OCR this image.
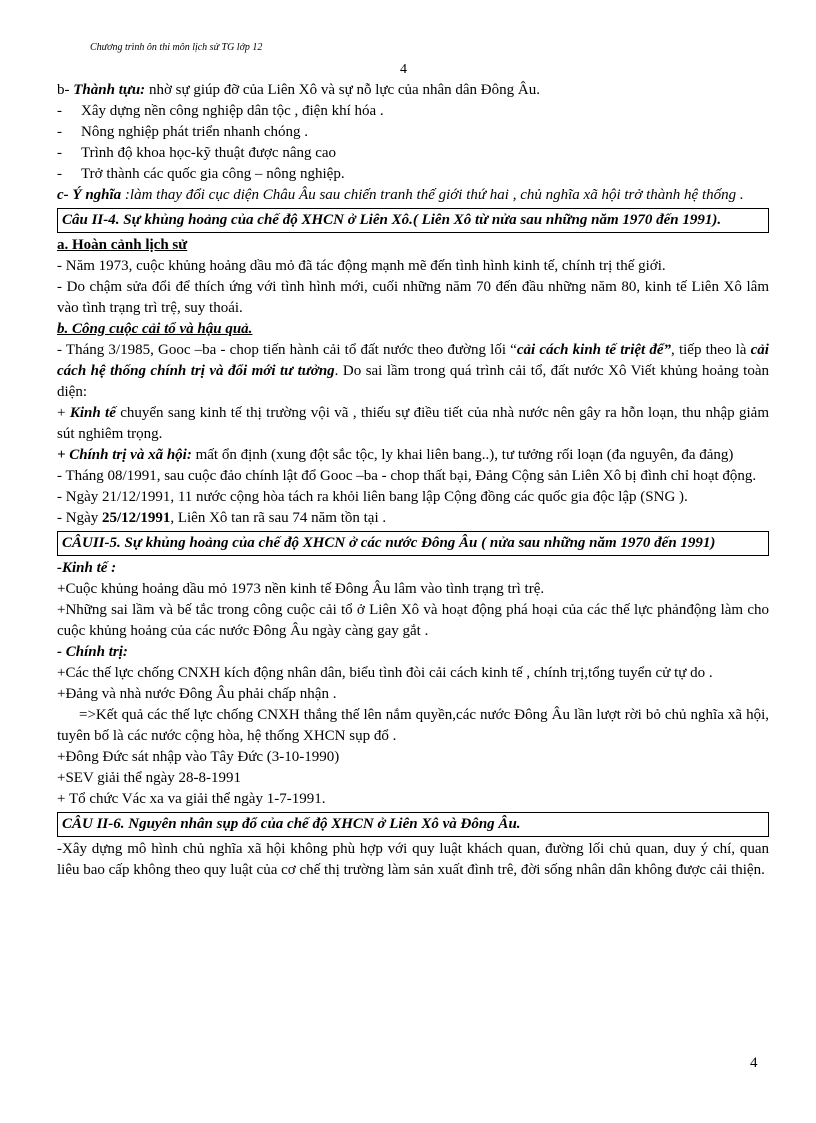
Chương trình ôn thi môn lịch sử TG lớp 12
4

b- Thành tựu: nhờ sự giúp đỡ của Liên Xô và sự nỗ lực của nhân dân Đông Âu.

-	Xây dựng nền công nghiệp dân tộc , điện khí hóa .
-	Nông nghiệp phát triển nhanh chóng .
-	Trình độ khoa học-kỹ thuật được nâng cao
-	Trở thành các quốc gia công – nông nghiệp.

c- Ý nghĩa :làm thay đổi cục diện Châu Âu sau chiến tranh thế giới thứ hai , chủ nghĩa xã hội trở thành hệ thống .

Câu II-4. Sự khủng hoảng của chế độ XHCN ở Liên Xô.( Liên Xô từ nửa sau những năm 1970 đến 1991).

a. Hoàn cảnh lịch sử

- Năm 1973, cuộc khủng hoảng dầu mỏ đã tác động mạnh mẽ đến tình hình kinh tế, chính trị thế giới.

- Do chậm sửa đổi để thích ứng với tình hình mới, cuối những năm 70 đến đầu những năm 80, kinh tế Liên Xô lâm vào tình trạng trì trệ, suy thoái.

b. Công cuộc cải tổ và hậu quả.

- Tháng 3/1985, Gooc –ba - chop tiến hành cải tổ đất nước theo đường lối “cải cách kinh tế triệt để”, tiếp theo là cải cách hệ thống chính trị và đổi mới tư tưởng. Do sai lầm trong quá trình cải tổ, đất nước Xô Viết khủng hoảng toàn diện:

+ Kinh tế chuyển sang kinh tế thị trường vội vã , thiếu sự điều tiết của nhà nước nên gây ra hỗn loạn, thu nhập giảm sút nghiêm trọng.

+ Chính trị và xã hội: mất ổn định (xung đột sắc tộc, ly khai liên bang..), tư tưởng rối loạn (đa nguyên, đa đảng)

- Tháng 08/1991, sau cuộc đảo chính lật đổ Gooc –ba - chop thất bại, Đảng Cộng sản Liên Xô bị đình chỉ hoạt động.

- Ngày 21/12/1991, 11 nước cộng hòa tách ra khỏi liên bang lập Cộng đồng các quốc gia độc lập (SNG ).

- Ngày 25/12/1991, Liên Xô tan rã sau 74 năm tồn tại .

CÂUII-5. Sự khủng hoảng của chế độ XHCN ở các nước Đông Âu ( nửa sau những năm 1970 đến 1991)

-Kinh tế :

+Cuộc khủng hoảng dầu mỏ 1973 nền kinh tế Đông Âu lâm vào tình trạng trì trệ.

+Những sai lầm và bế tắc trong công cuộc cải tổ ở Liên Xô và hoạt động phá hoại của các thế lực phảnđộng làm cho cuộc khủng hoảng của các nước Đông Âu ngày càng gay gắt .

- Chính trị:

+Các thế lực chống CNXH kích động nhân dân, biểu tình đòi cải cách kinh tế , chính trị,tổng tuyển cử tự do .

+Đảng và nhà nước Đông Âu phải chấp nhận .

=>Kết quả các thế lực chống CNXH thắng thế lên nắm quyền,các nước Đông Âu lần lượt rời bỏ chủ nghĩa xã hội, tuyên bố là các nước cộng hòa, hệ thống XHCN sụp đổ .

+Đông Đức sát nhập vào Tây Đức (3-10-1990)

+SEV giải thể ngày 28-8-1991

+ Tổ chức Vác xa va giải thể ngày 1-7-1991.

CÂU II-6. Nguyên nhân sụp đổ của chế độ XHCN ở Liên Xô và Đông Âu.

-Xây dựng mô hình chủ nghĩa xã hội không phù hợp với quy luật khách quan, đường lối chủ quan, duy ý chí, quan liêu bao cấp không theo quy luật của cơ chế thị trường làm sản xuất đình trê, đời sống nhân dân không được cải thiện.

4
